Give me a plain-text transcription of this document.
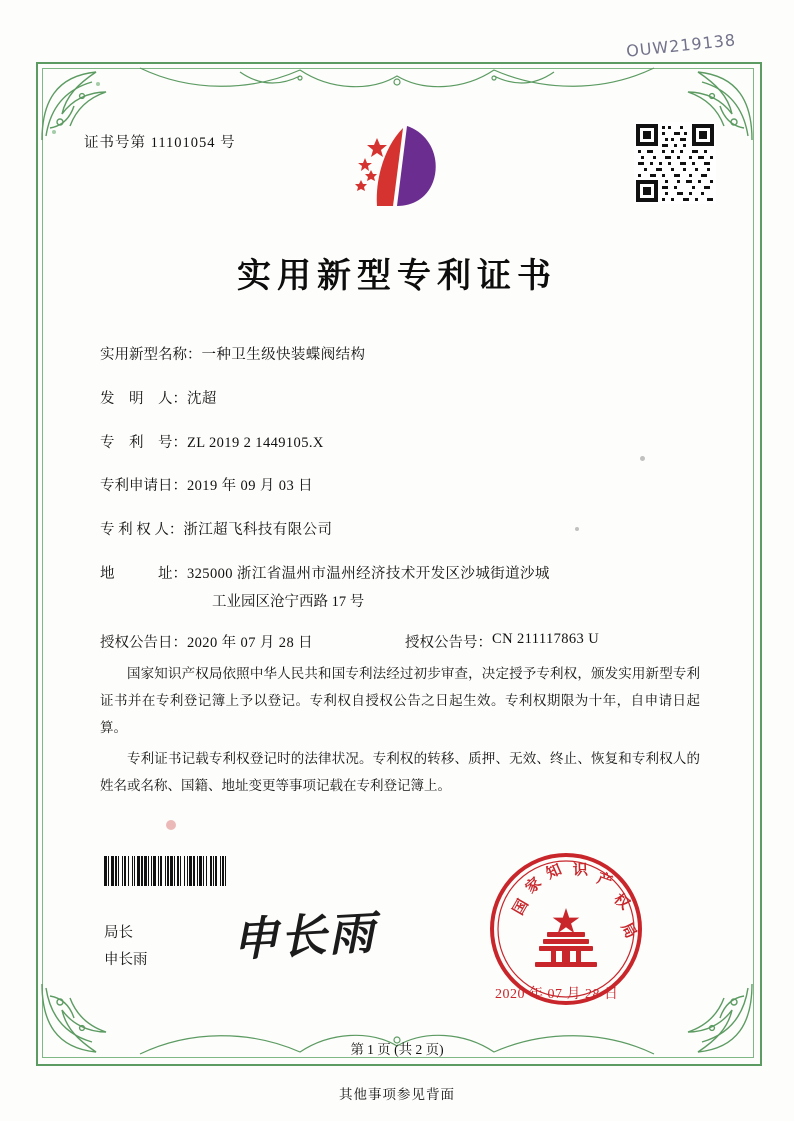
OUW219138
证书号第 11101054 号
实用新型专利证书
实用新型名称： 一种卫生级快装蝶阀结构
发　明　人： 沈超
专　利　号： ZL 2019 2 1449105.X
专利申请日： 2019 年 09 月 03 日
专 利 权 人： 浙江超飞科技有限公司
地　　　址： 325000 浙江省温州市温州经济技术开发区沙城街道沙城
工业园区沧宁西路 17 号
授权公告日： 2020 年 07 月 28 日	授权公告号： CN 211117863 U

国家知识产权局依照中华人民共和国专利法经过初步审查，决定授予专利权，颁发实用新型专利证书并在专利登记簿上予以登记。专利权自授权公告之日起生效。专利权期限为十年，自申请日起算。

专利证书记载专利权登记时的法律状况。专利权的转移、质押、无效、终止、恢复和专利权人的姓名或名称、国籍、地址变更等事项记载在专利登记簿上。

局长
申长雨 申长雨	国
家
知 识 产
权
局
2020 年 07 月 28 日
第 1 页 (共 2 页)
其他事项参见背面
